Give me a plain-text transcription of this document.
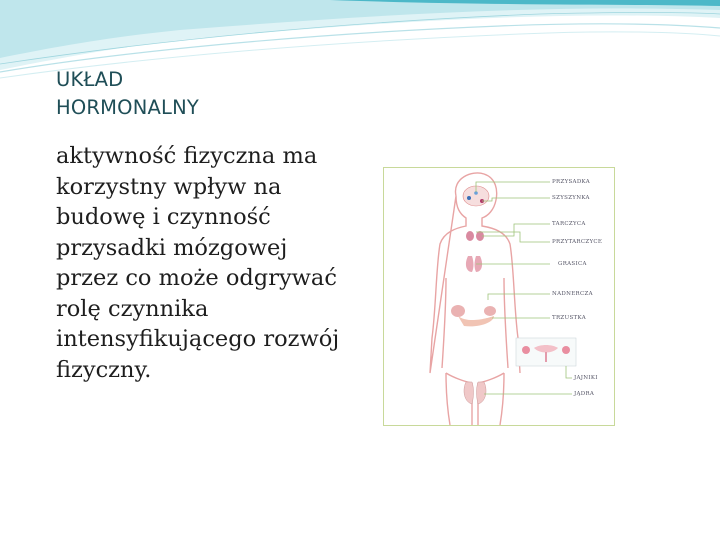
UKŁAD
HORMONALNY
aktywność fizyczna ma korzystny wpływ na budowę i czynność przysadki mózgowej przez co może odgrywać rolę czynnika intensyfikującego rozwój fizyczny.
PRZYSADKA
SZYSZYNKA
TARCZYCA
PRZYTARCZYCE
GRASICA
NADNERCZA
TRZUSTKA
JAJNIKI
JĄDRA
